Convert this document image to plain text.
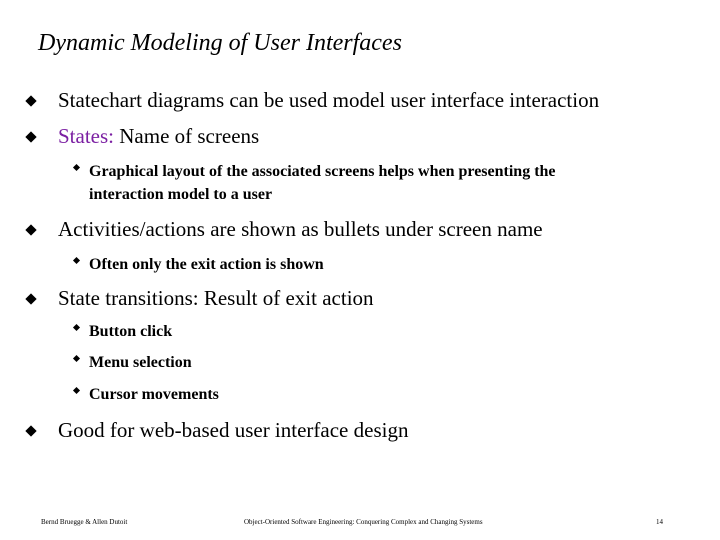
Dynamic Modeling of User Interfaces
Statechart diagrams can be used model user interface interaction
States: Name of screens
Graphical layout of the associated screens helps when presenting the
interaction model to a user
Activities/actions are shown as bullets under screen name
Often only the exit action is shown
State transitions: Result of exit action
Button click
Menu selection
Cursor movements
Good for web-based user interface design
Bernd Bruegge & Allen Dutoit	Object-Oriented Software Engineering: Conquering Complex and Changing Systems	14
